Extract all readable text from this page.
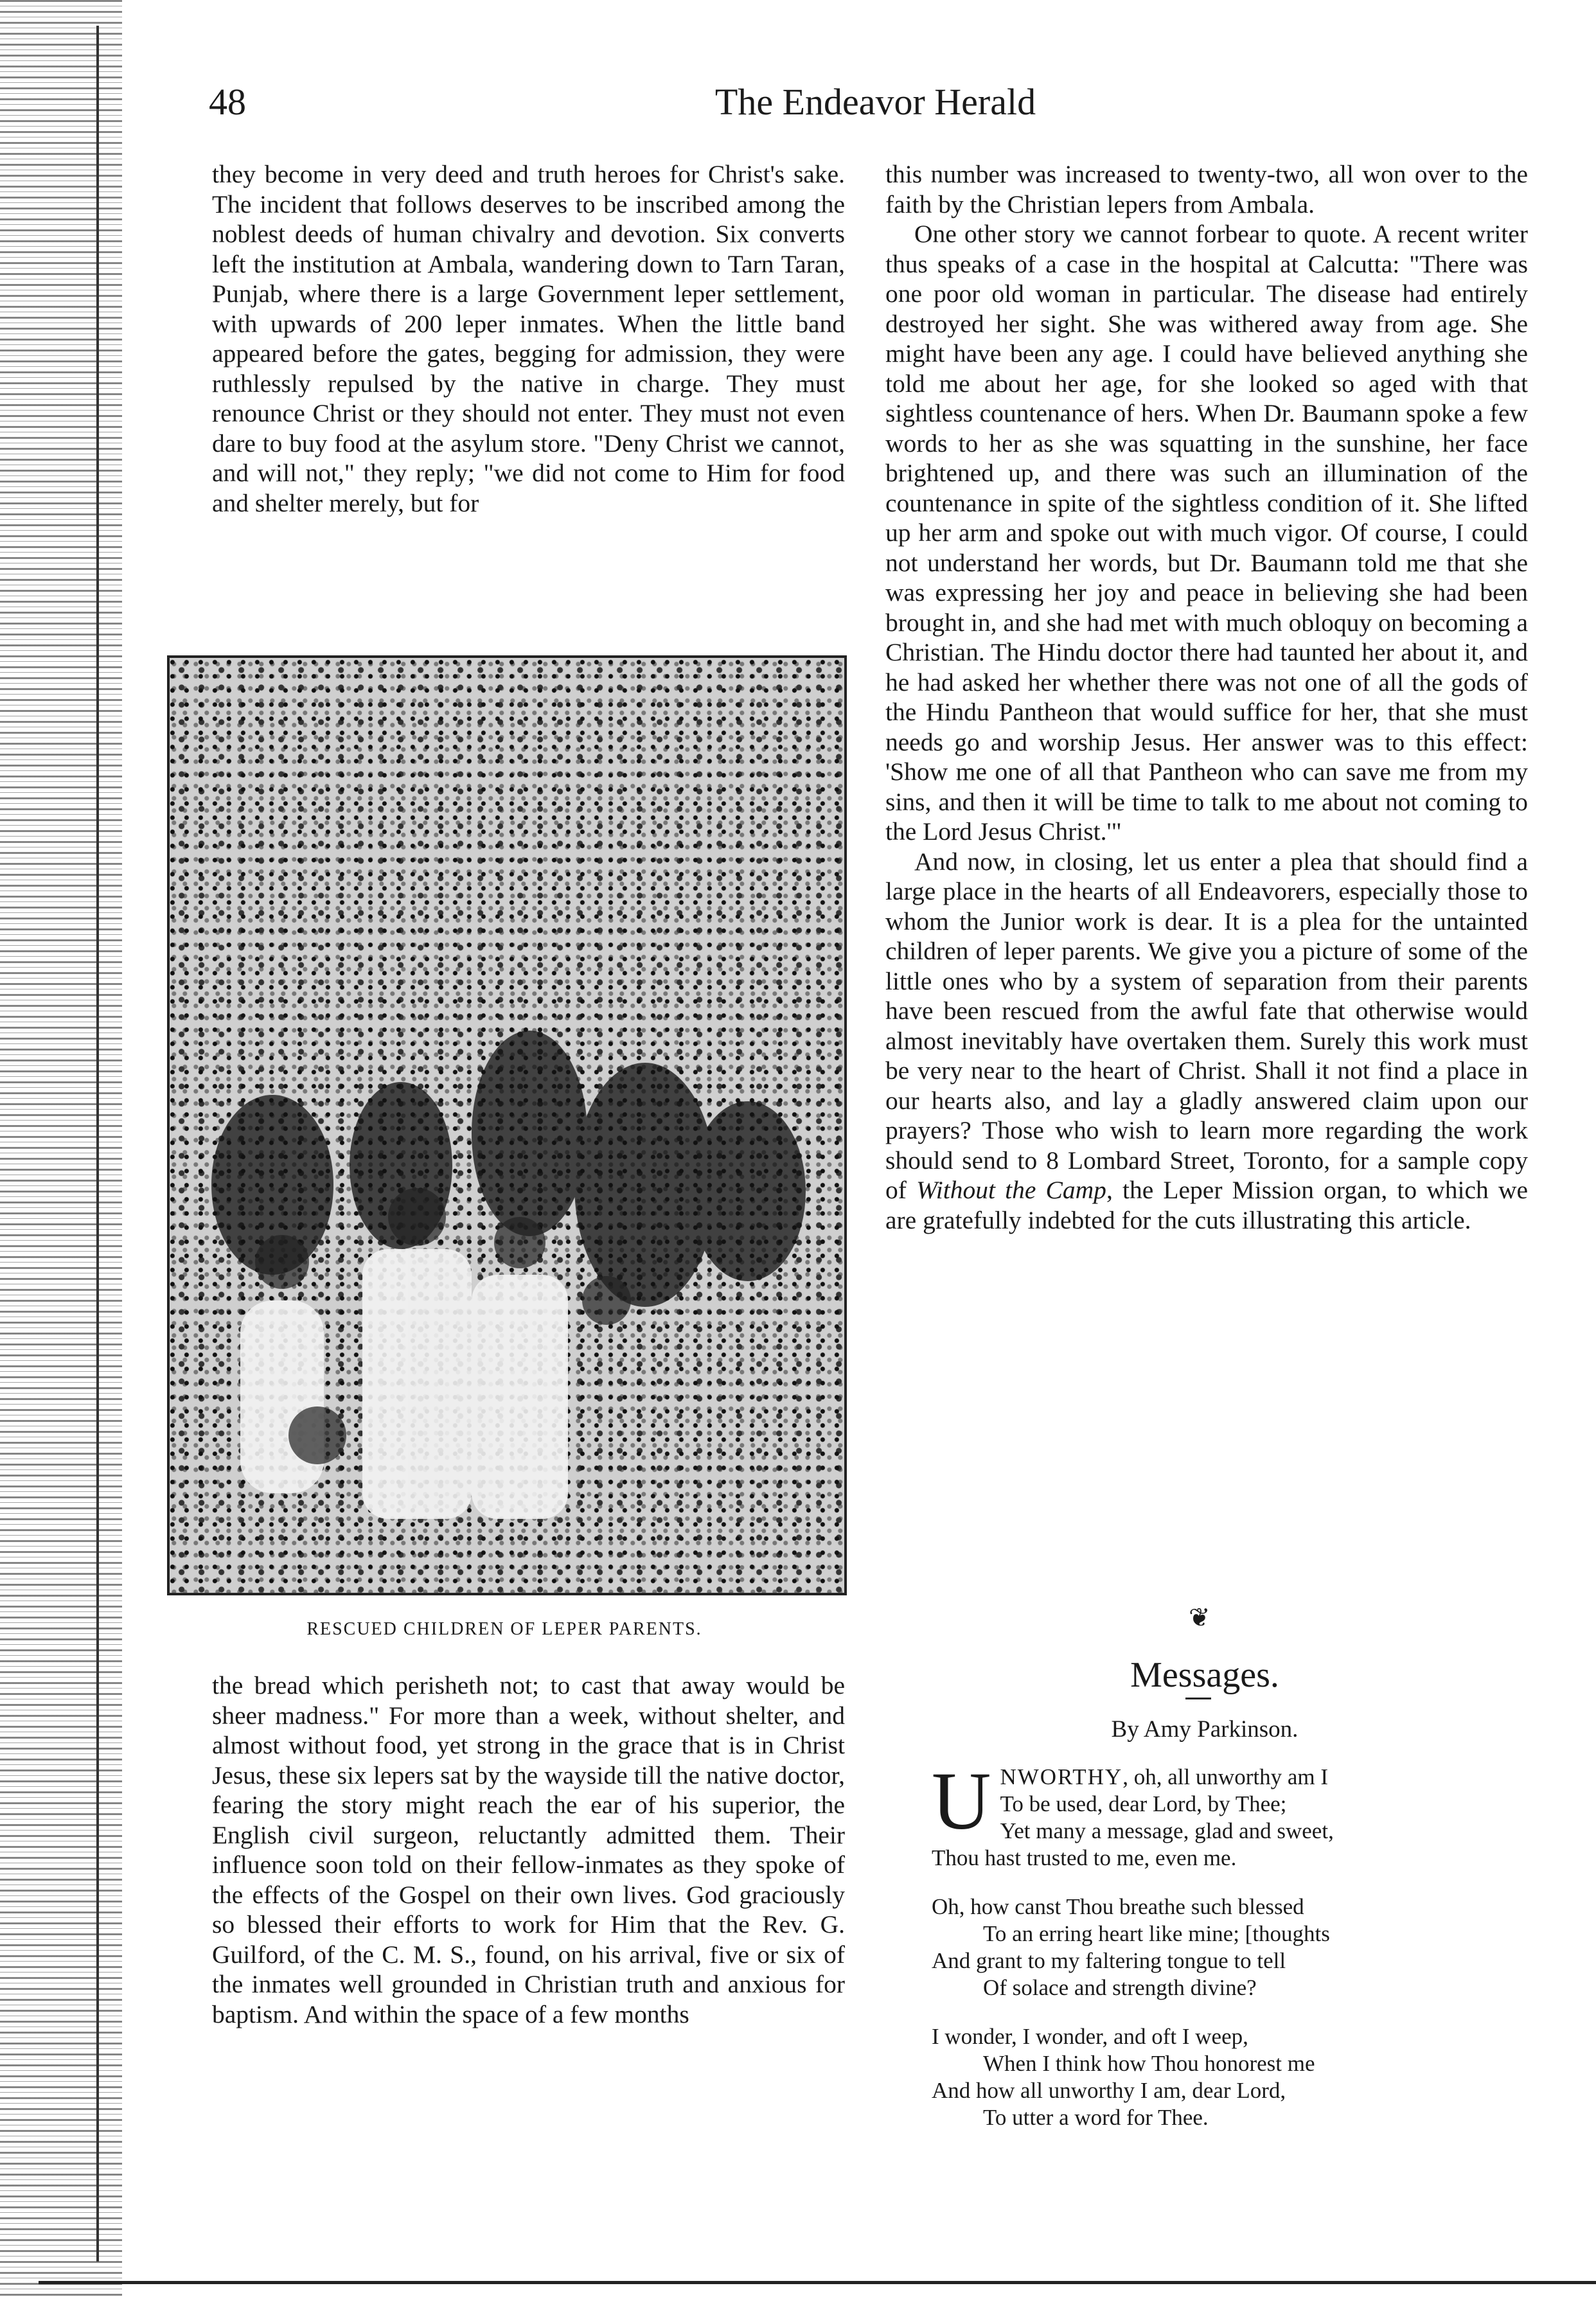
48	The Endeavor Herald

they become in very deed and truth heroes for Christ's sake. The incident that follows deserves to be inscribed among the noblest deeds of human chivalry and devotion. Six converts left the institution at Ambala, wandering down to Tarn Taran, Punjab, where there is a large Government leper settlement, with upwards of 200 leper inmates. When the little band appeared before the gates, begging for admission, they were ruthlessly repulsed by the native in charge. They must renounce Christ or they should not enter. They must not even dare to buy food at the asylum store. "Deny Christ we cannot, and will not," they reply; "we did not come to Him for food and shelter merely, but for

RESCUED CHILDREN OF LEPER PARENTS.

the bread which perisheth not; to cast that away would be sheer madness." For more than a week, without shelter, and almost without food, yet strong in the grace that is in Christ Jesus, these six lepers sat by the wayside till the native doctor, fearing the story might reach the ear of his superior, the English civil surgeon, reluctantly admitted them. Their influence soon told on their fellow-inmates as they spoke of the effects of the Gospel on their own lives. God graciously so blessed their efforts to work for Him that the Rev. G. Guilford, of the C. M. S., found, on his arrival, five or six of the inmates well grounded in Christian truth and anxious for baptism. And within the space of a few months

this number was increased to twenty-two, all won over to the faith by the Christian lepers from Ambala.

One other story we cannot forbear to quote. A recent writer thus speaks of a case in the hospital at Calcutta: "There was one poor old woman in particular. The disease had entirely destroyed her sight. She was withered away from age. She might have been any age. I could have believed anything she told me about her age, for she looked so aged with that sightless countenance of hers. When Dr. Baumann spoke a few words to her as she was squatting in the sunshine, her face brightened up, and there was such an illumination of the countenance in spite of the sightless condition of it. She lifted up her arm and spoke out with much vigor. Of course, I could not understand her words, but Dr. Baumann told me that she was expressing her joy and peace in believing she had been brought in, and she had met with much obloquy on becoming a Christian. The Hindu doctor there had taunted her about it, and he had asked her whether there was not one of all the gods of the Hindu Pantheon that would suffice for her, that she must needs go and worship Jesus. Her answer was to this effect: 'Show me one of all that Pantheon who can save me from my sins, and then it will be time to talk to me about not coming to the Lord Jesus Christ.'"

And now, in closing, let us enter a plea that should find a large place in the hearts of all Endeavorers, especially those to whom the Junior work is dear. It is a plea for the untainted children of leper parents. We give you a picture of some of the little ones who by a system of separation from their parents have been rescued from the awful fate that otherwise would almost inevitably have overtaken them. Surely this work must be very near to the heart of Christ. Shall it not find a place in our hearts also, and lay a gladly answered claim upon our prayers? Those who wish to learn more regarding the work should send to 8 Lombard Street, Toronto, for a sample copy of Without the Camp, the Leper Mission organ, to which we are gratefully indebted for the cuts illustrating this article.

❦
Messages.
By Amy Parkinson.
UNWORTHY, oh, all unworthy am I
To be used, dear Lord, by Thee;
Yet many a message, glad and sweet,
Thou hast trusted to me, even me.
Oh, how canst Thou breathe such blessed
To an erring heart like mine; [thoughts
And grant to my faltering tongue to tell
Of solace and strength divine?
I wonder, I wonder, and oft I weep,
When I think how Thou honorest me
And how all unworthy I am, dear Lord,
To utter a word for Thee.
